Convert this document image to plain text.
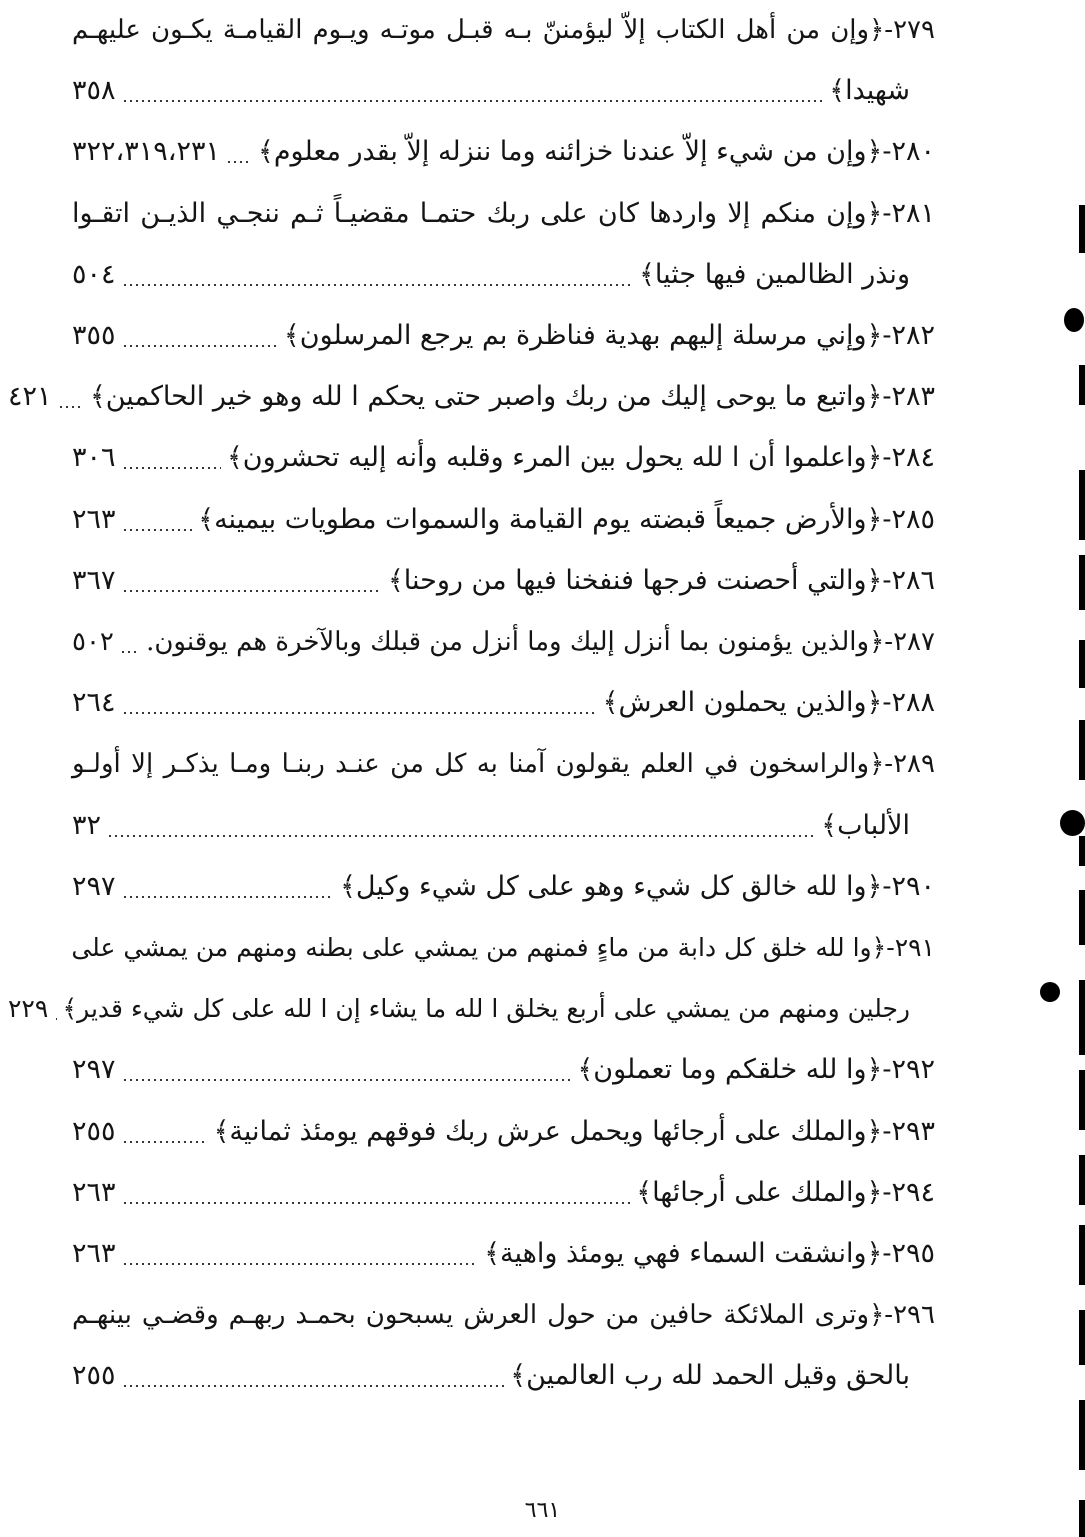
٢٧٩-﴿وإن من أهل الكتاب إلاّ ليؤمننّ بـه قبـل موتـه ويـوم القيامـة يكـون عليهـم
شهيدا﴾
٣٥٨
٢٨٠-﴿وإن من شيء إلاّ عندنا خزائنه وما ننزله إلاّ بقدر معلوم﴾
٣٢٢،٣١٩،٢٣١
٢٨١-﴿وإن منكم إلا واردها كان على ربك حتمـا مقضيـاً ثـم ننجـي الذيـن اتقـوا
ونذر الظالمين فيها جثيا﴾
٥٠٤
٢٨٢-﴿وإني مرسلة إليهم بهدية فناظرة بم يرجع المرسلون﴾
٣٥٥
٢٨٣-﴿واتبع ما يوحى إليك من ربك واصبر حتى يحكم ا لله وهو خير الحاكمين﴾
٤٢١
٢٨٤-﴿واعلموا أن ا لله يحول بين المرء وقلبه وأنه إليه تحشرون﴾
٣٠٦
٢٨٥-﴿والأرض جميعاً قبضته يوم القيامة والسموات مطويات بيمينه﴾
٢٦٣
٢٨٦-﴿والتي أحصنت فرجها فنفخنا فيها من روحنا﴾
٣٦٧
٢٨٧-﴿والذين يؤمنون بما أنزل إليك وما أنزل من قبلك وبالآخرة هم يوقنون.
٥٠٢
٢٨٨-﴿والذين يحملون العرش﴾
٢٦٤
٢٨٩-﴿والراسخون في العلم يقولون آمنا به كل من عنـد ربنـا ومـا يذكـر إلا أولـو
الألباب﴾
٣٢
٢٩٠-﴿وا لله خالق كل شيء وهو على كل شيء وكيل﴾
٢٩٧
٢٩١-﴿وا لله خلق كل دابة من ماءٍ فمنهم من يمشي على بطنه ومنهم من يمشي على
رجلين ومنهم من يمشي على أربع يخلق ا لله ما يشاء إن ا لله على كل شيء قدير﴾
٢٢٩
٢٩٢-﴿وا لله خلقكم وما تعملون﴾
٢٩٧
٢٩٣-﴿والملك على أرجائها ويحمل عرش ربك فوقهم يومئذ ثمانية﴾
٢٥٥
٢٩٤-﴿والملك على أرجائها﴾
٢٦٣
٢٩٥-﴿وانشقت السماء فهي يومئذ واهية﴾
٢٦٣
٢٩٦-﴿وترى الملائكة حافين من حول العرش يسبحون بحمـد ربهـم وقضـي بينهـم
بالحق وقيل الحمد لله رب العالمين﴾
٢٥٥
٦٦١
